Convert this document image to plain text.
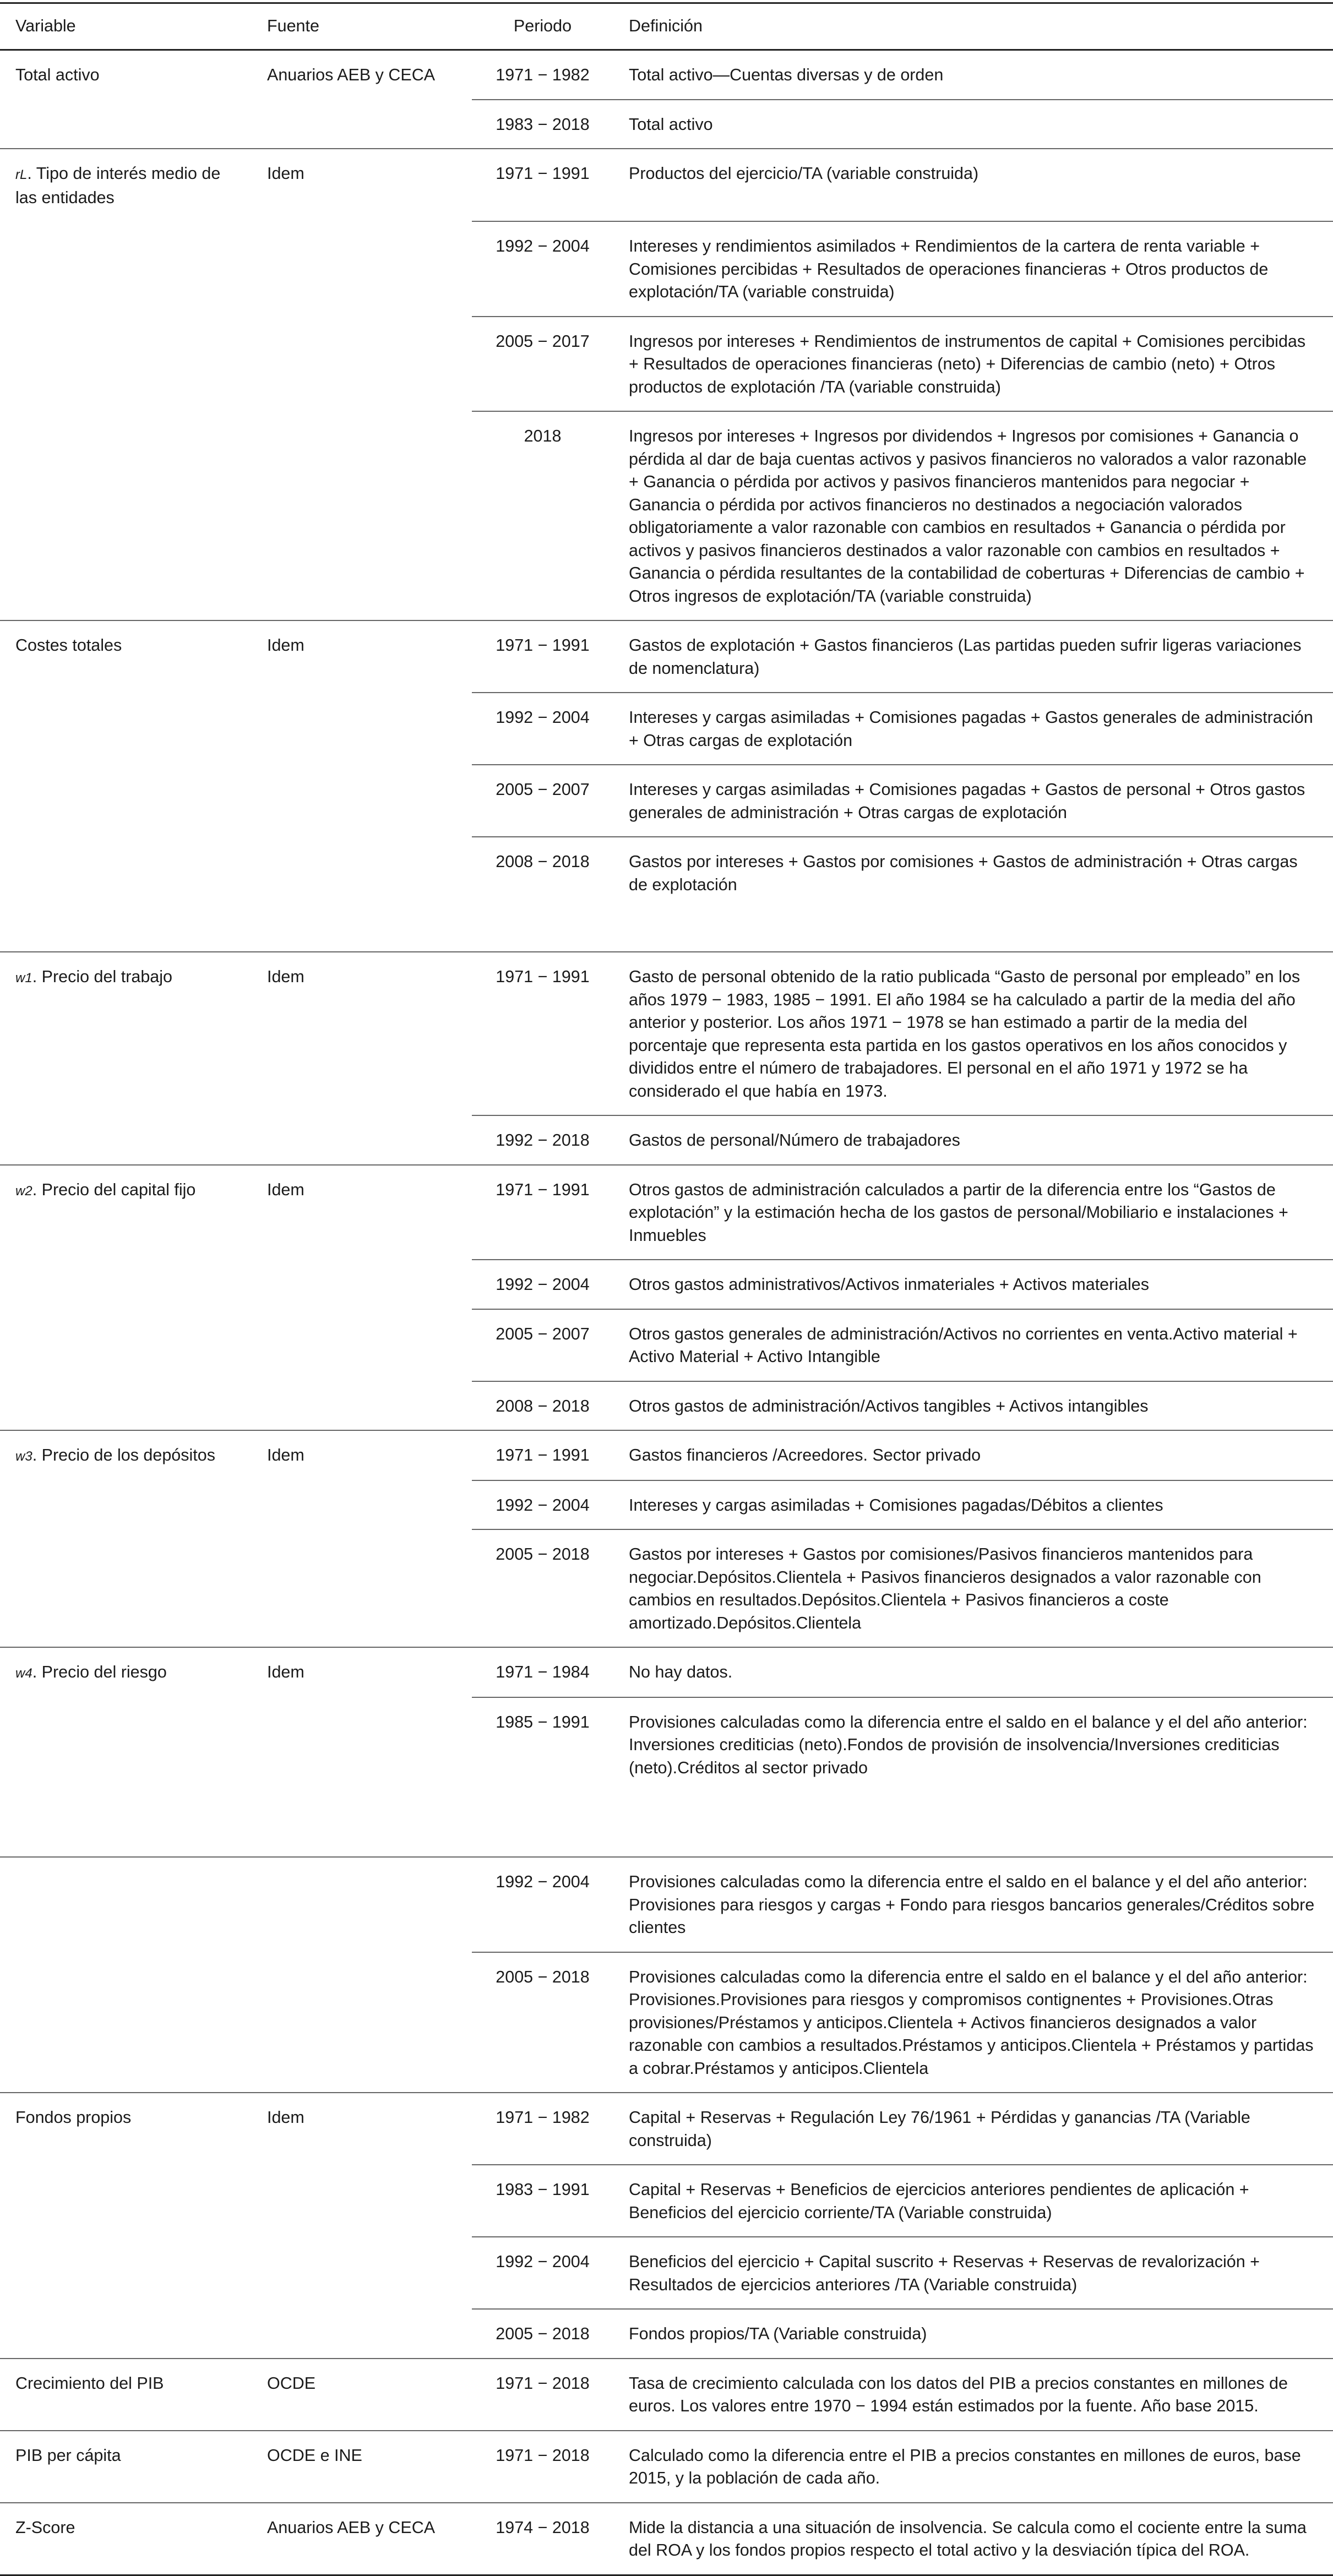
Variable	Fuente	Periodo	Definición
Total activo	Anuarios AEB y CECA	1971 − 1982	Total activo—Cuentas diversas y de orden
		1983 − 2018	Total activo
rL. Tipo de interés medio de las entidades	Idem	1971 − 1991	Productos del ejercicio/TA (variable construida)
		1992 − 2004	Intereses y rendimientos asimilados + Rendimientos de la cartera de renta variable + Comisiones percibidas + Resultados de operaciones financieras + Otros productos de explotación/TA (variable construida)
		2005 − 2017	Ingresos por intereses + Rendimientos de instrumentos de capital + Comisiones percibidas + Resultados de operaciones financieras (neto) + Diferencias de cambio (neto) + Otros productos de explotación /TA (variable construida)
		2018	Ingresos por intereses + Ingresos por dividendos + Ingresos por comisiones + Ganancia o pérdida al dar de baja cuentas activos y pasivos financieros no valorados a valor razonable + Ganancia o pérdida por activos y pasivos financieros mantenidos para negociar + Ganancia o pérdida por activos financieros no destinados a negociación valorados obligatoriamente a valor razonable con cambios en resultados + Ganancia o pérdida por activos y pasivos financieros destinados a valor razonable con cambios en resultados + Ganancia o pérdida resultantes de la contabilidad de coberturas + Diferencias de cambio + Otros ingresos de explotación/TA (variable construida)
Costes totales	Idem	1971 − 1991	Gastos de explotación + Gastos financieros (Las partidas pueden sufrir ligeras variaciones de nomenclatura)
		1992 − 2004	Intereses y cargas asimiladas + Comisiones pagadas + Gastos generales de administración + Otras cargas de explotación
		2005 − 2007	Intereses y cargas asimiladas + Comisiones pagadas + Gastos de personal + Otros gastos generales de administración + Otras cargas de explotación
		2008 − 2018	Gastos por intereses + Gastos por comisiones + Gastos de administración + Otras cargas de explotación
w1. Precio del trabajo	Idem	1971 − 1991	Gasto de personal obtenido de la ratio publicada “Gasto de personal por empleado” en los años 1979 − 1983, 1985 − 1991. El año 1984 se ha calculado a partir de la media del año anterior y posterior. Los años 1971 − 1978 se han estimado a partir de la media del porcentaje que representa esta partida en los gastos operativos en los años conocidos y divididos entre el número de trabajadores. El personal en el año 1971 y 1972 se ha considerado el que había en 1973.
		1992 − 2018	Gastos de personal/Número de trabajadores
w2. Precio del capital fijo	Idem	1971 − 1991	Otros gastos de administración calculados a partir de la diferencia entre los “Gastos de explotación” y la estimación hecha de los gastos de personal/Mobiliario e instalaciones + Inmuebles
		1992 − 2004	Otros gastos administrativos/Activos inmateriales + Activos materiales
		2005 − 2007	Otros gastos generales de administración/Activos no corrientes en venta.Activo material + Activo Material + Activo Intangible
		2008 − 2018	Otros gastos de administración/Activos tangibles + Activos intangibles
w3. Precio de los depósitos	Idem	1971 − 1991	Gastos financieros /Acreedores. Sector privado
		1992 − 2004	Intereses y cargas asimiladas + Comisiones pagadas/Débitos a clientes
		2005 − 2018	Gastos por intereses + Gastos por comisiones/Pasivos financieros mantenidos para negociar.Depósitos.Clientela + Pasivos financieros designados a valor razonable con cambios en resultados.Depósitos.Clientela + Pasivos financieros a coste amortizado.Depósitos.Clientela
w4. Precio del riesgo	Idem	1971 − 1984	No hay datos.
		1985 − 1991	Provisiones calculadas como la diferencia entre el saldo en el balance y el del año anterior: Inversiones crediticias (neto).Fondos de provisión de insolvencia/Inversiones crediticias (neto).Créditos al sector privado
		1992 − 2004	Provisiones calculadas como la diferencia entre el saldo en el balance y el del año anterior: Provisiones para riesgos y cargas + Fondo para riesgos bancarios generales/Créditos sobre clientes
		2005 − 2018	Provisiones calculadas como la diferencia entre el saldo en el balance y el del año anterior: Provisiones.Provisiones para riesgos y compromisos contignentes + Provisiones.Otras provisiones/Préstamos y anticipos.Clientela + Activos financieros designados a valor razonable con cambios a resultados.Préstamos y anticipos.Clientela + Préstamos y partidas a cobrar.Préstamos y anticipos.Clientela
Fondos propios	Idem	1971 − 1982	Capital + Reservas + Regulación Ley 76/1961 + Pérdidas y ganancias /TA (Variable construida)
		1983 − 1991	Capital + Reservas + Beneficios de ejercicios anteriores pendientes de aplicación + Beneficios del ejercicio corriente/TA (Variable construida)
		1992 − 2004	Beneficios del ejercicio + Capital suscrito + Reservas + Reservas de revalorización + Resultados de ejercicios anteriores /TA (Variable construida)
		2005 − 2018	Fondos propios/TA (Variable construida)
Crecimiento del PIB	OCDE	1971 − 2018	Tasa de crecimiento calculada con los datos del PIB a precios constantes en millones de euros. Los valores entre 1970 − 1994 están estimados por la fuente. Año base 2015.
PIB per cápita	OCDE e INE	1971 − 2018	Calculado como la diferencia entre el PIB a precios constantes en millones de euros, base 2015, y la población de cada año.
Z-Score	Anuarios AEB y CECA	1974 − 2018	Mide la distancia a una situación de insolvencia. Se calcula como el cociente entre la suma del ROA y los fondos propios respecto el total activo y la desviación típica del ROA.
